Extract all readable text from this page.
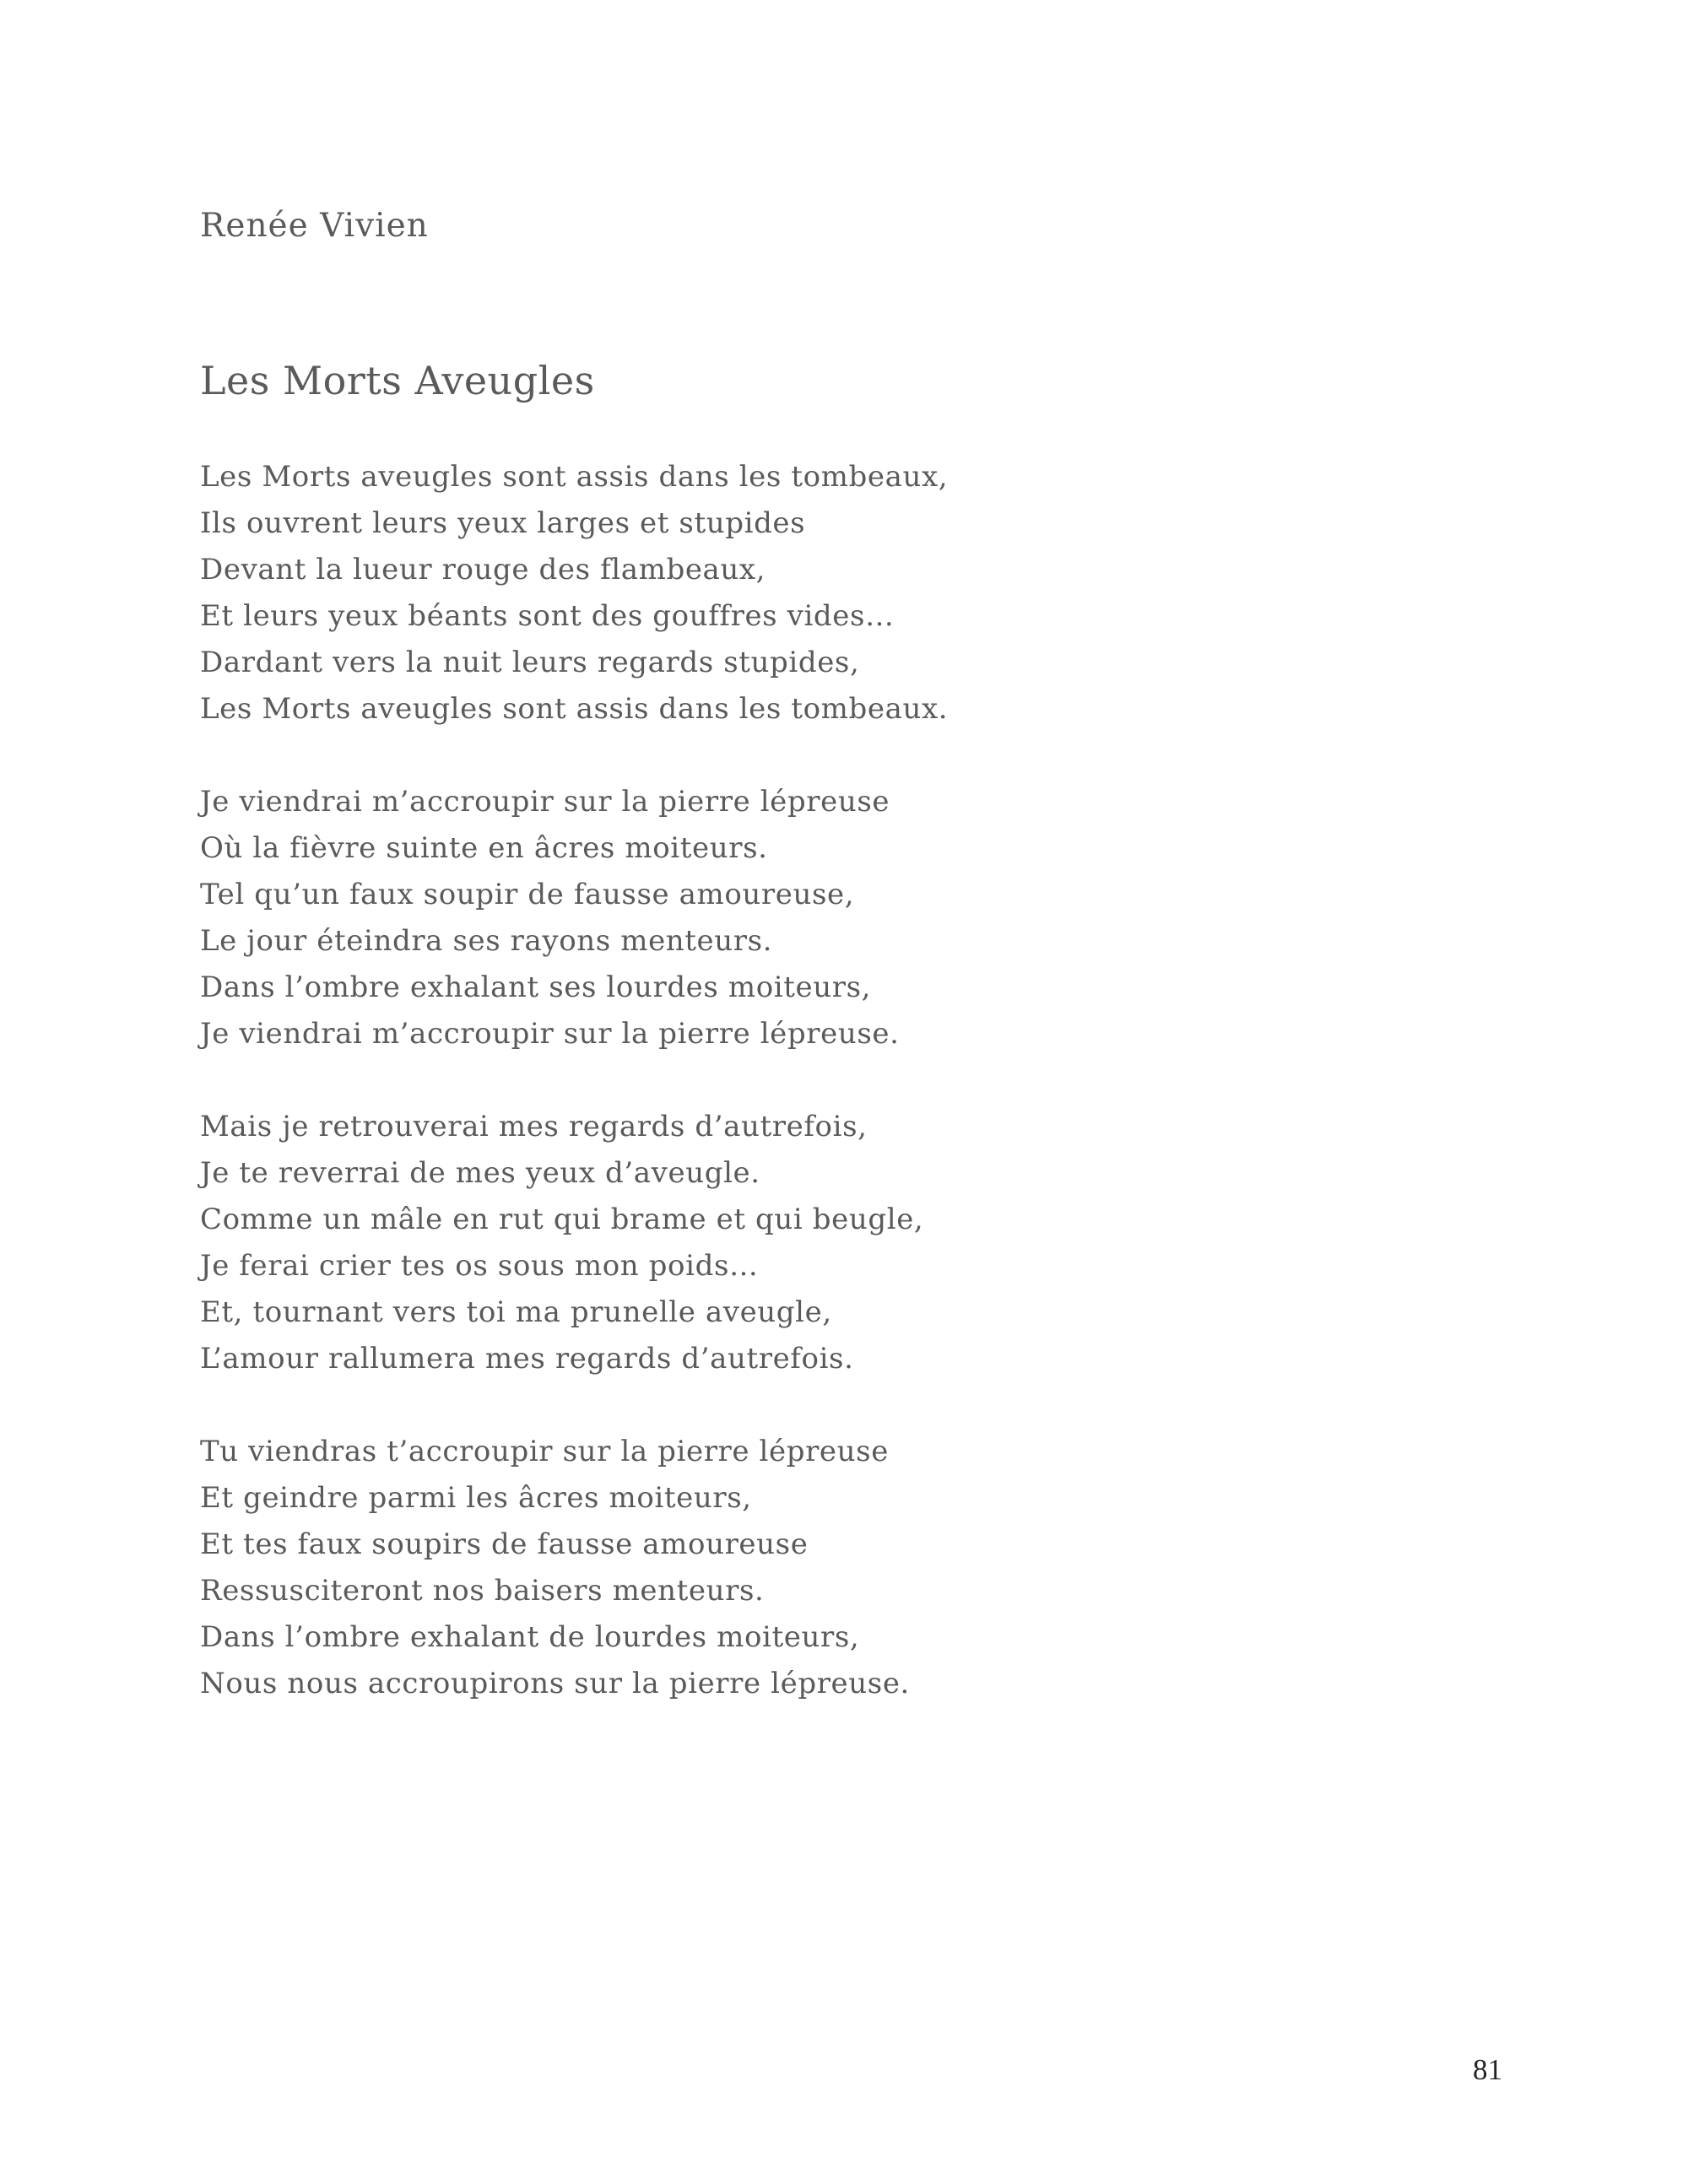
Renée Vivien
Les Morts Aveugles
Les Morts aveugles sont assis dans les tombeaux,
Ils ouvrent leurs yeux larges et stupides
Devant la lueur rouge des flambeaux,
Et leurs yeux béants sont des gouffres vides…
Dardant vers la nuit leurs regards stupides,
Les Morts aveugles sont assis dans les tombeaux.
Je viendrai m’accroupir sur la pierre lépreuse
Où la fièvre suinte en âcres moiteurs.
Tel qu’un faux soupir de fausse amoureuse,
Le jour éteindra ses rayons menteurs.
Dans l’ombre exhalant ses lourdes moiteurs,
Je viendrai m’accroupir sur la pierre lépreuse.
Mais je retrouverai mes regards d’autrefois,
Je te reverrai de mes yeux d’aveugle.
Comme un mâle en rut qui brame et qui beugle,
Je ferai crier tes os sous mon poids…
Et, tournant vers toi ma prunelle aveugle,
L’amour rallumera mes regards d’autrefois.
Tu viendras t’accroupir sur la pierre lépreuse
Et geindre parmi les âcres moiteurs,
Et tes faux soupirs de fausse amoureuse
Ressusciteront nos baisers menteurs.
Dans l’ombre exhalant de lourdes moiteurs,
Nous nous accroupirons sur la pierre lépreuse.
81
